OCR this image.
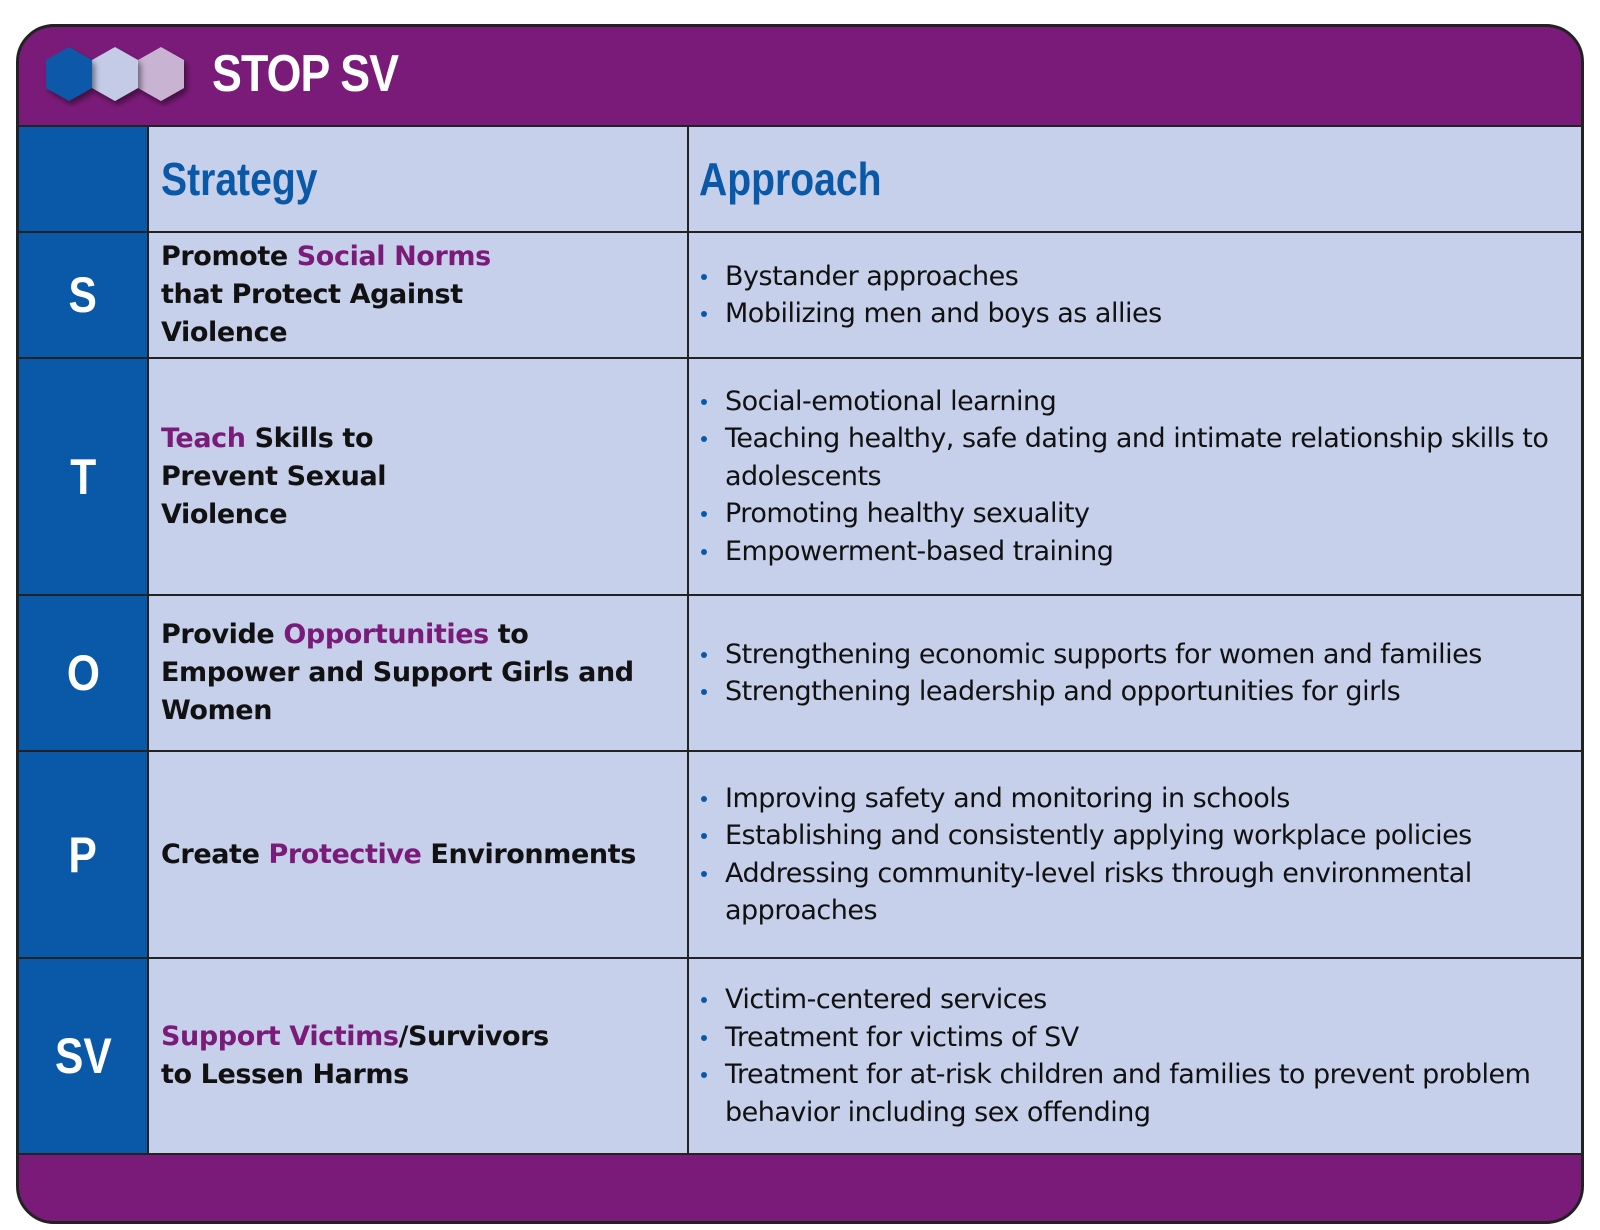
STOP SV
Strategy	Approach
S
Promote Social Norms that Protect Against Violence
Bystander approaches
Mobilizing men and boys as allies
T
Teach Skills to Prevent Sexual Violence
Social-emotional learning
Teaching healthy, safe dating and intimate relationship skills to adolescents
Promoting healthy sexuality
Empowerment-based training
O
Provide Opportunities to Empower and Support Girls and Women
Strengthening economic supports for women and families
Strengthening leadership and opportunities for girls
P Create Protective Environments
Improving safety and monitoring in schools
Establishing and consistently applying workplace policies
Addressing community-level risks through environmental approaches
SV Support Victims/Survivors to Lessen Harms
Victim-centered services
Treatment for victims of SV
Treatment for at-risk children and families to prevent problem behavior including sex offending
